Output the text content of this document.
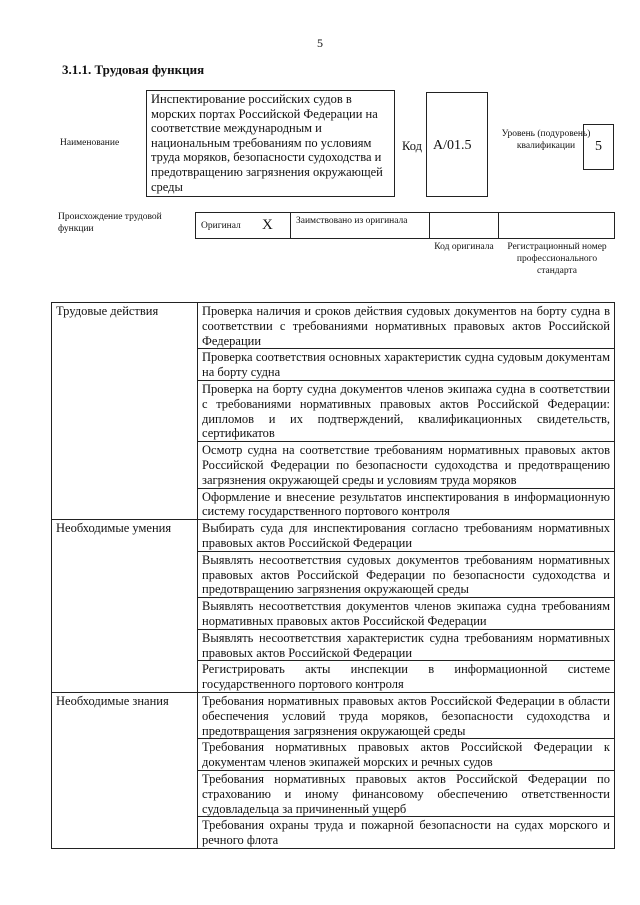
5
3.1.1. Трудовая функция
Наименование
Инспектирование российских судов в морских портах Российской Федерации на соответствие международным и национальным требованиям по условиям труда моряков, безопасности судоходства и предотвращению загрязнения окружающей среды
Код A/01.5
Уровень (подуровень) квалификации	5
Происхождение трудовой функции	Оригинал X Заимствовано из оригинала
Код оригинала	Регистрационный номер профессионального стандарта
Трудовые действия	Проверка наличия и сроков действия судовых документов на борту судна в соответствии с требованиями нормативных правовых актов Российской Федерации
	Проверка соответствия основных характеристик судна судовым документам на борту судна
	Проверка на борту судна документов членов экипажа судна в соответствии с требованиями нормативных правовых актов Российской Федерации: дипломов и их подтверждений, квалификационных свидетельств, сертификатов
	Осмотр судна на соответствие требованиям нормативных правовых актов Российской Федерации по безопасности судоходства и предотвращению загрязнения окружающей среды и условиям труда моряков
	Оформление и внесение результатов инспектирования в информационную систему государственного портового контроля
Необходимые умения	Выбирать суда для инспектирования согласно требованиям нормативных правовых актов Российской Федерации
	Выявлять несоответствия судовых документов требованиям нормативных правовых актов Российской Федерации по безопасности судоходства и предотвращению загрязнения окружающей среды
	Выявлять несоответствия документов членов экипажа судна требованиям нормативных правовых актов Российской Федерации
	Выявлять несоответствия характеристик судна требованиям нормативных правовых актов Российской Федерации
	Регистрировать акты инспекции в информационной системе государственного портового контроля
Необходимые знания	Требования нормативных правовых актов Российской Федерации в области обеспечения условий труда моряков, безопасности судоходства и предотвращения загрязнения окружающей среды
	Требования нормативных правовых актов Российской Федерации к документам членов экипажей морских и речных судов
	Требования нормативных правовых актов Российской Федерации по страхованию и иному финансовому обеспечению ответственности судовладельца за причиненный ущерб
	Требования охраны труда и пожарной безопасности на судах морского и речного флота
